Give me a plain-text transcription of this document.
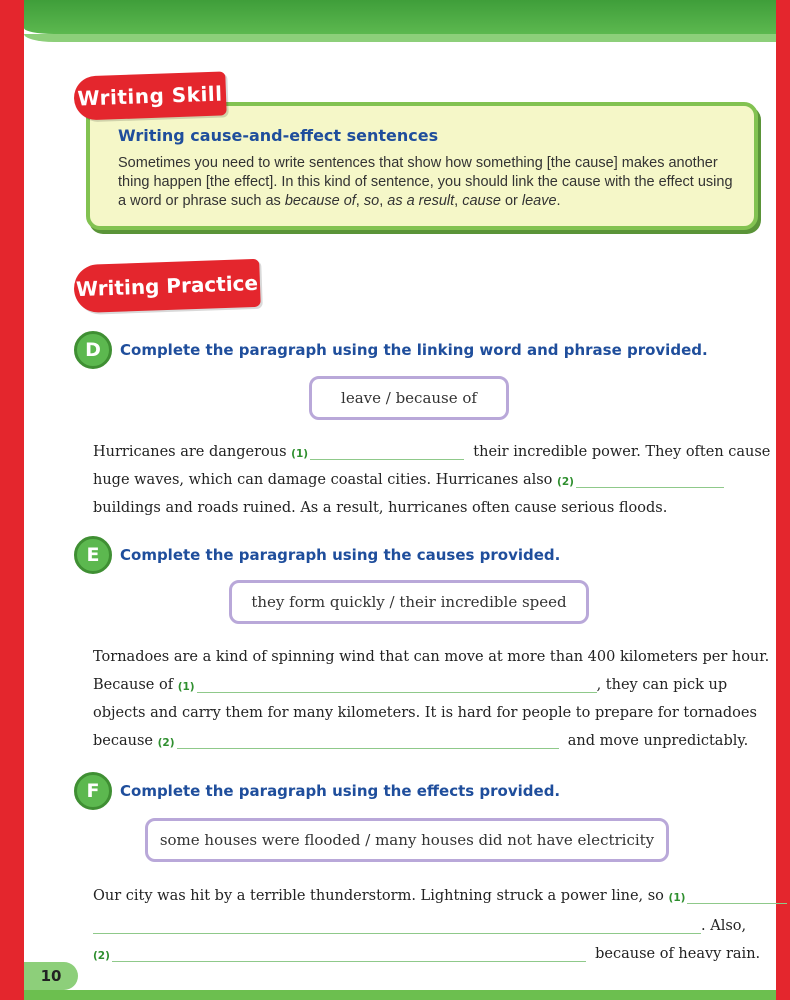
Writing Skill
Writing cause-and-effect sentences
Sometimes you need to write sentences that show how something [the cause] makes another thing happen [the effect]. In this kind of sentence, you should link the cause with the effect using a word or phrase such as because of, so, as a result, cause or leave.
Writing Practice
D	Complete the paragraph using the linking word and phrase provided.
leave / because of
Hurricanes are dangerous
(1)
	their incredible power. They often cause
huge waves, which can damage coastal cities. Hurricanes also
(2)
buildings and roads ruined. As a result, hurricanes often cause serious floods.
E	Complete the paragraph using the causes provided.
they form quickly / their incredible speed
Tornadoes are a kind of spinning wind that can move at more than 400 kilometers per hour.
Because of
(1)	, they can pick up
objects and carry them for many kilometers. It is hard for people to prepare for tornadoes
because
(2)
	and move unpredictably.
F	Complete the paragraph using the effects provided.
some houses were flooded / many houses did not have electricity
Our city was hit by a terrible thunderstorm. Lightning struck a power line, so
(1)
. Also,
(2)
	because of heavy rain.
10
